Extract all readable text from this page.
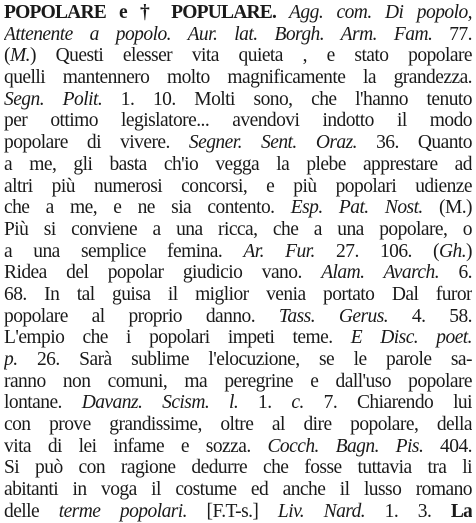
POPOLARE e † POPULARE. Agg. com. Di popolo,
Attenente a popolo. Aur. lat. Borgh. Arm. Fam. 77.
(M.) Questi elesser vita quieta , e stato popolare
quelli mantennero molto magnificamente la grandezza.
Segn. Polit. 1. 10. Molti sono, che l'hanno tenuto
per ottimo legislatore... avendovi indotto il modo
popolare di vivere. Segner. Sent. Oraz. 36. Quanto
a me, gli basta ch'io vegga la plebe apprestare ad
altri più numerosi concorsi, e più popolari udienze
che a me, e ne sia contento. Esp. Pat. Nost. (M.)
Più si conviene a una ricca, che a una popolare, o
a una semplice femina. Ar. Fur. 27. 106. (Gh.)
Ridea del popolar giudicio vano. Alam. Avarch. 6.
68. In tal guisa il miglior venia portato Dal furor
popolare al proprio danno. Tass. Gerus. 4. 58.
L'empio che i popolari impeti teme. E Disc. poet.
p. 26. Sarà sublime l'elocuzione, se le parole sa-
ranno non comuni, ma peregrine e dall'uso popolare
lontane. Davanz. Scism. l. 1. c. 7. Chiarendo lui
con prove grandissime, oltre al dire popolare, della
vita di lei infame e sozza. Cocch. Bagn. Pis. 404.
Si può con ragione dedurre che fosse tuttavia tra li
abitanti in voga il costume ed anche il lusso romano
delle terme popolari. [F.T-s.] Liv. Nard. 1. 3. La
